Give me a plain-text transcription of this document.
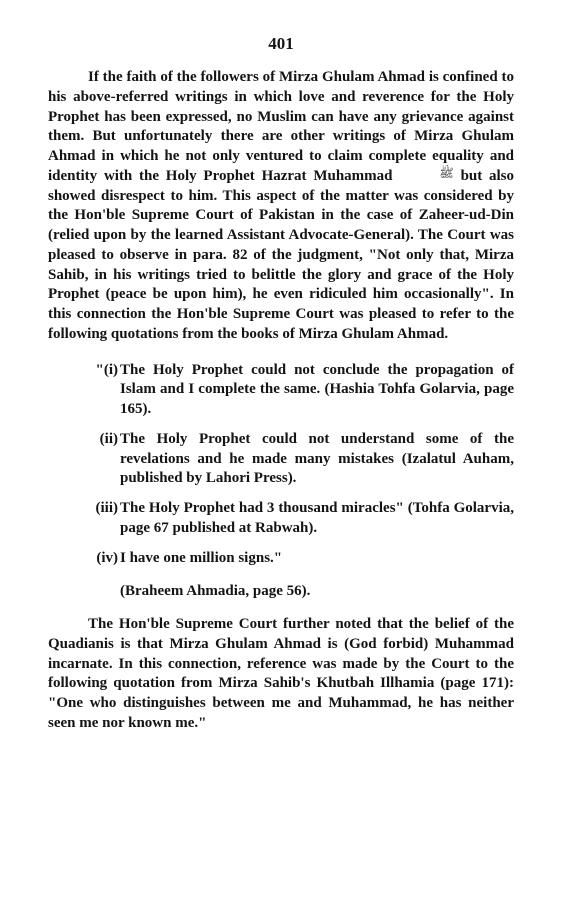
401

If the faith of the followers of Mirza Ghulam Ahmad is confined to his above-referred writings in which love and reverence for the Holy Prophet has been expressed, no Muslim can have any grievance against them. But unfortunately there are other writings of Mirza Ghulam Ahmad in which he not only ventured to claim complete equality and identity with the Holy Prophet Hazrat Muhammad	ﷺ but also showed disrespect to him. This aspect of the matter was considered by the Hon'ble Supreme Court of Pakistan in the case of Zaheer-ud-Din (relied upon by the learned Assistant Advocate-General). The Court was pleased to observe in para. 82 of the judgment, "Not only that, Mirza Sahib, in his writings tried to belittle the glory and grace of the Holy Prophet (peace be upon him), he even ridiculed him occasionally". In this connection the Hon'ble Supreme Court was pleased to refer to the following quotations from the books of Mirza Ghulam Ahmad.

"(i) The Holy Prophet could not conclude the propagation of Islam and I complete the same. (Hashia Tohfa Golarvia, page 165).
(ii) The Holy Prophet could not understand some of the revelations and he made many mistakes (Izalatul Auham, published by Lahori Press).
(iii) The Holy Prophet had 3 thousand miracles" (Tohfa Golarvia, page 67 published at Rabwah).
(iv) I have one million signs."
(Braheem Ahmadia, page 56).

The Hon'ble Supreme Court further noted that the belief of the Quadianis is that Mirza Ghulam Ahmad is (God forbid) Muhammad incarnate. In this connection, reference was made by the Court to the following quotation from Mirza Sahib's Khutbah Illhamia (page 171): "One who distinguishes between me and Muhammad, he has neither seen me nor known me."
